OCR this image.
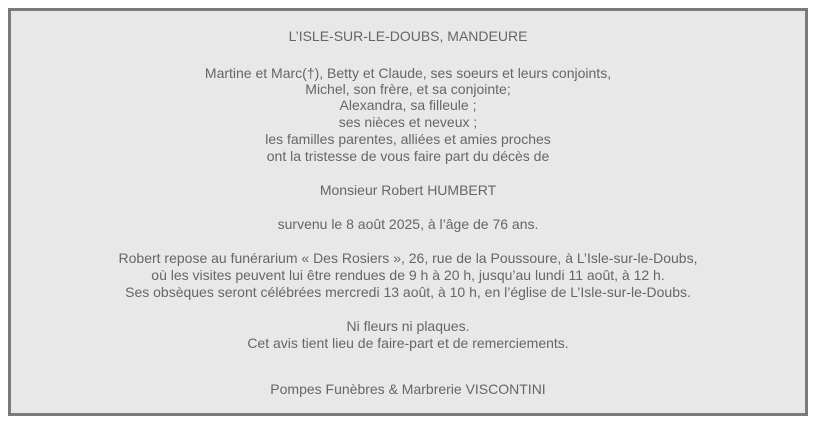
L’ISLE-SUR-LE-DOUBS, MANDEURE
Martine et Marc(†), Betty et Claude, ses soeurs et leurs conjoints,
Michel, son frère, et sa conjointe;
Alexandra, sa filleule ;
ses nièces et neveux ;
les familles parentes, alliées et amies proches
ont la tristesse de vous faire part du décès de
Monsieur Robert HUMBERT
survenu le 8 août 2025, à l’âge de 76 ans.
Robert repose au funérarium « Des Rosiers », 26, rue de la Poussoure, à L’Isle-sur-le-Doubs,
où les visites peuvent lui être rendues de 9 h à 20 h, jusqu’au lundi 11 août, à 12 h.
Ses obsèques seront célébrées mercredi 13 août, à 10 h, en l’église de L’Isle-sur-le-Doubs.
Ni fleurs ni plaques.
Cet avis tient lieu de faire-part et de remerciements.
Pompes Funèbres & Marbrerie VISCONTINI
